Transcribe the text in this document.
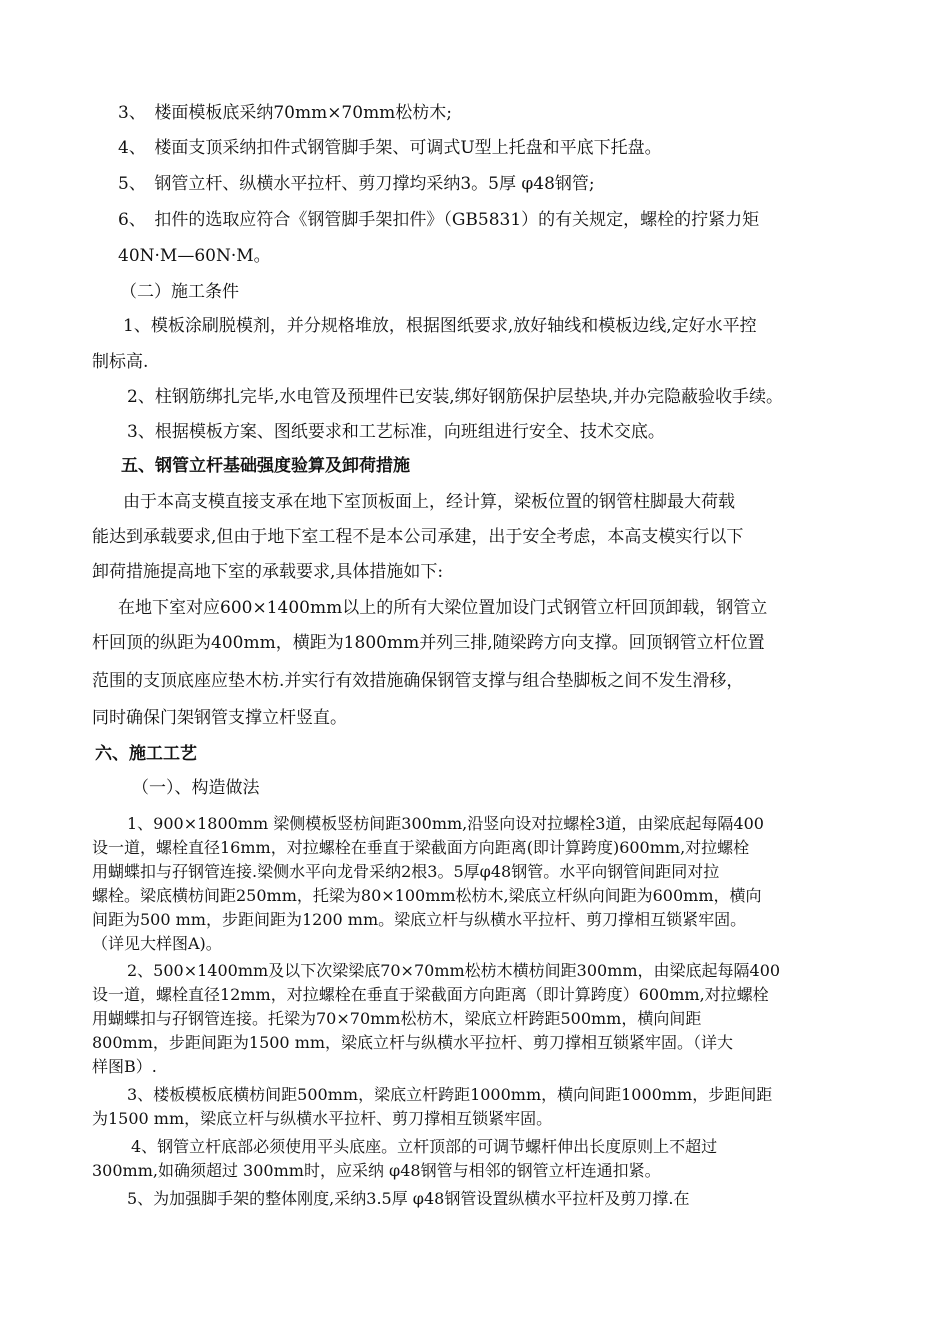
3、　楼面模板底采纳70mm×70mm松枋木;
4、　楼面支顶采纳扣件式钢管脚手架、可调式U型上托盘和平底下托盘。
5、　钢管立杆、纵横水平拉杆、剪刀撑均采纳3。5厚 φ48钢管;
6、　扣件的选取应符合《钢管脚手架扣件》（GB5831）的有关规定，螺栓的拧紧力矩
40N·M—60N·M。
（二）施工条件
1、模板涂刷脱模剂，并分规格堆放，根据图纸要求,放好轴线和模板边线,定好水平控
制标高.
2、柱钢筋绑扎完毕,水电管及预埋件已安装,绑好钢筋保护层垫块,并办完隐蔽验收手续。
3、根据模板方案、图纸要求和工艺标准，向班组进行安全、技术交底。
五、钢管立杆基础强度验算及卸荷措施
由于本高支模直接支承在地下室顶板面上，经计算，梁板位置的钢管柱脚最大荷载
能达到承载要求,但由于地下室工程不是本公司承建，出于安全考虑，本高支模实行以下
卸荷措施提高地下室的承载要求,具体措施如下:
在地下室对应600×1400mm以上的所有大梁位置加设门式钢管立杆回顶卸载，钢管立
杆回顶的纵距为400mm，横距为1800mm并列三排,随梁跨方向支撑。回顶钢管立杆位置
范围的支顶底座应垫木枋.并实行有效措施确保钢管支撑与组合垫脚板之间不发生滑移，
同时确保门架钢管支撑立杆竖直。
六、施工工艺
（一）、构造做法
1、900×1800mm 梁侧模板竖枋间距300mm,沿竖向设对拉螺栓3道，由梁底起每隔400
设一道，螺栓直径16mm，对拉螺栓在垂直于梁截面方向距离(即计算跨度)600mm,对拉螺栓
用蝴蝶扣与孖钢管连接.梁侧水平向龙骨采纳2根3。5厚φ48钢管。水平向钢管间距同对拉
螺栓。梁底横枋间距250mm，托梁为80×100mm松枋木,梁底立杆纵向间距为600mm，横向
间距为500 mm，步距间距为1200 mm。梁底立杆与纵横水平拉杆、剪刀撑相互锁紧牢固。
（详见大样图A)。
2、500×1400mm及以下次梁梁底70×70mm松枋木横枋间距300mm，由梁底起每隔400
设一道，螺栓直径12mm，对拉螺栓在垂直于梁截面方向距离（即计算跨度）600mm,对拉螺栓
用蝴蝶扣与孖钢管连接。托梁为70×70mm松枋木，梁底立杆跨距500mm，横向间距
800mm，步距间距为1500 mm，梁底立杆与纵横水平拉杆、剪刀撑相互锁紧牢固。（详大
样图B）.
3、楼板模板底横枋间距500mm，梁底立杆跨距1000mm，横向间距1000mm，步距间距
为1500 mm，梁底立杆与纵横水平拉杆、剪刀撑相互锁紧牢固。
4、钢管立杆底部必须使用平头底座。立杆顶部的可调节螺杆伸出长度原则上不超过
300mm,如确须超过 300mm时，应采纳 φ48钢管与相邻的钢管立杆连通扣紧。
5、为加强脚手架的整体刚度,采纳3.5厚 φ48钢管设置纵横水平拉杆及剪刀撑.在
